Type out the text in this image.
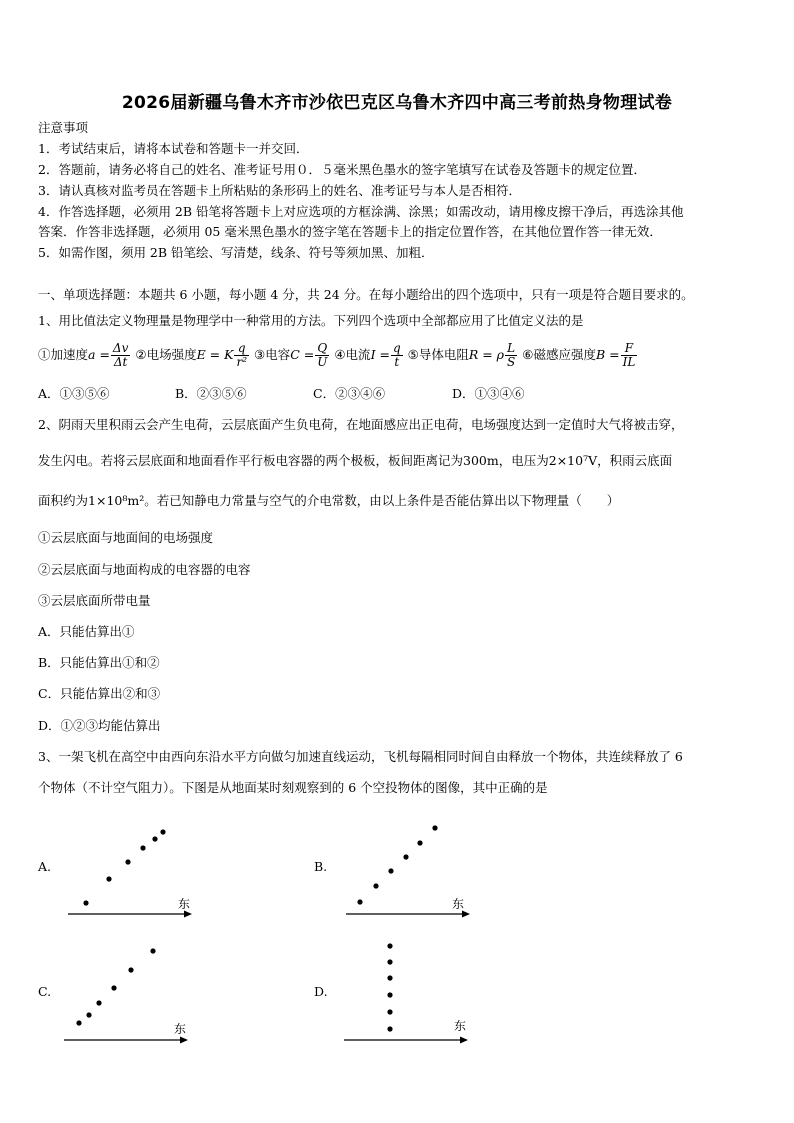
2026届新疆乌鲁木齐市沙依巴克区乌鲁木齐四中高三考前热身物理试卷
注意事项
1．考试结束后，请将本试卷和答题卡一并交回．
2．答题前，请务必将自己的姓名、准考证号用０．５毫米黑色墨水的签字笔填写在试卷及答题卡的规定位置．
3．请认真核对监考员在答题卡上所粘贴的条形码上的姓名、准考证号与本人是否相符．
4．作答选择题，必须用 2B 铅笔将答题卡上对应选项的方框涂满、涂黑；如需改动，请用橡皮擦干净后，再选涂其他
答案．作答非选择题，必须用 05 毫米黑色墨水的签字笔在答题卡上的指定位置作答，在其他位置作答一律无效．
5．如需作图，须用 2B 铅笔绘、写清楚，线条、符号等须加黑、加粗．
一、单项选择题：本题共 6 小题，每小题 4 分，共 24 分。在每小题给出的四个选项中，只有一项是符合题目要求的。
1、用比值法定义物理量是物理学中一种常用的方法。下列四个选项中全部都应用了比值定义法的是
①加速度$a = \frac{\Delta v}{\Delta t}$ ②电场强度E = K $\frac{q}{\text{r²}}$ ③电容$C = \frac{Q}{U}$ ④电流$I = \frac{q}{t}$ ⑤导体电阻R = ρ $\frac{L}{S}$ ⑥磁感应强度$B = \frac{F}{IL}$
A．①③⑤⑥	B．②③⑤⑥	C．②③④⑥	D．①③④⑥
2、阴雨天里积雨云会产生电荷，云层底面产生负电荷，在地面感应出正电荷，电场强度达到一定值时大气将被击穿，
发生闪电。若将云层底面和地面看作平行板电容器的两个极板，板间距离记为300m，电压为2×10⁷V，积雨云底面
面积约为1×10⁸m²。若已知静电力常量与空气的介电常数，由以上条件是否能估算出以下物理量（　　）
①云层底面与地面间的电场强度
②云层底面与地面构成的电容器的电容
③云层底面所带电量
A．只能估算出①
B．只能估算出①和②
C．只能估算出②和③
D．①②③均能估算出
3、一架飞机在高空中由西向东沿水平方向做匀加速直线运动，飞机每隔相同时间自由释放一个物体，共连续释放了 6
个物体（不计空气阻力）。下图是从地面某时刻观察到的 6 个空投物体的图像，其中正确的是
A.
东
B.
东
C.
东
D.
东
